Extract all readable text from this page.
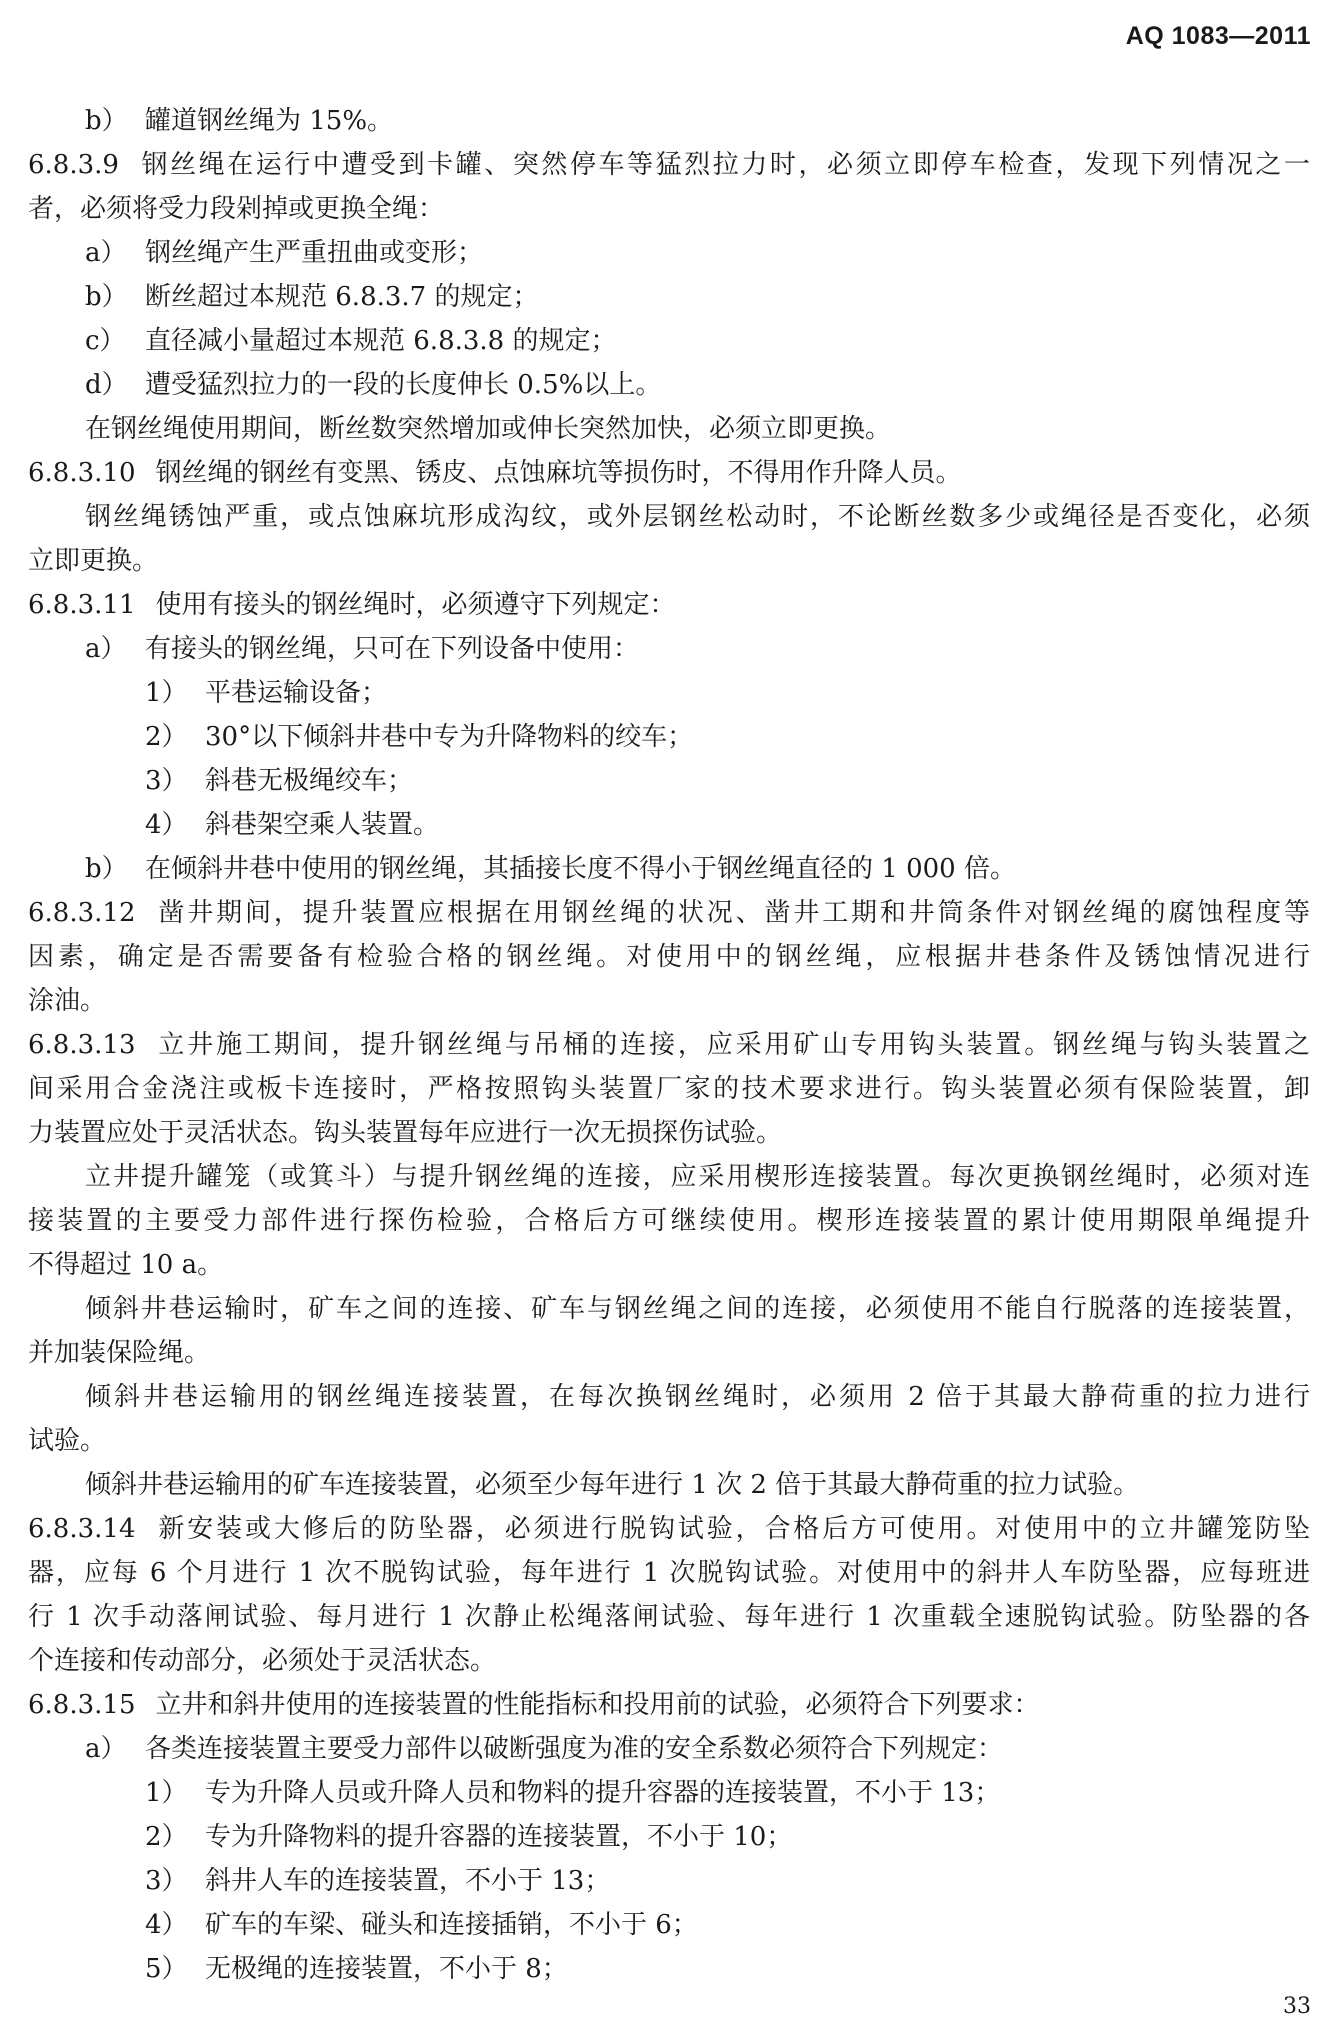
AQ 1083—2011
b） 罐道钢丝绳为 15%。
6.8.3.9 钢丝绳在运行中遭受到卡罐、突然停车等猛烈拉力时，必须立即停车检查，发现下列情况之一
者，必须将受力段剁掉或更换全绳：
a） 钢丝绳产生严重扭曲或变形；
b） 断丝超过本规范 6.8.3.7 的规定；
c） 直径减小量超过本规范 6.8.3.8 的规定；
d） 遭受猛烈拉力的一段的长度伸长 0.5%以上。
在钢丝绳使用期间，断丝数突然增加或伸长突然加快，必须立即更换。
6.8.3.10 钢丝绳的钢丝有变黑、锈皮、点蚀麻坑等损伤时，不得用作升降人员。
钢丝绳锈蚀严重，或点蚀麻坑形成沟纹，或外层钢丝松动时，不论断丝数多少或绳径是否变化，必须
立即更换。
6.8.3.11 使用有接头的钢丝绳时，必须遵守下列规定：
a） 有接头的钢丝绳，只可在下列设备中使用：
1） 平巷运输设备；
2） 30°以下倾斜井巷中专为升降物料的绞车；
3） 斜巷无极绳绞车；
4） 斜巷架空乘人装置。
b） 在倾斜井巷中使用的钢丝绳，其插接长度不得小于钢丝绳直径的 1 000 倍。
6.8.3.12 凿井期间，提升装置应根据在用钢丝绳的状况、凿井工期和井筒条件对钢丝绳的腐蚀程度等
因素，确定是否需要备有检验合格的钢丝绳。对使用中的钢丝绳，应根据井巷条件及锈蚀情况进行
涂油。
6.8.3.13 立井施工期间，提升钢丝绳与吊桶的连接，应采用矿山专用钩头装置。钢丝绳与钩头装置之
间采用合金浇注或板卡连接时，严格按照钩头装置厂家的技术要求进行。钩头装置必须有保险装置，卸
力装置应处于灵活状态。钩头装置每年应进行一次无损探伤试验。
立井提升罐笼（或箕斗）与提升钢丝绳的连接，应采用楔形连接装置。每次更换钢丝绳时，必须对连
接装置的主要受力部件进行探伤检验，合格后方可继续使用。楔形连接装置的累计使用期限单绳提升
不得超过 10 a。
倾斜井巷运输时，矿车之间的连接、矿车与钢丝绳之间的连接，必须使用不能自行脱落的连接装置，
并加装保险绳。
倾斜井巷运输用的钢丝绳连接装置，在每次换钢丝绳时，必须用 2 倍于其最大静荷重的拉力进行
试验。
倾斜井巷运输用的矿车连接装置，必须至少每年进行 1 次 2 倍于其最大静荷重的拉力试验。
6.8.3.14 新安装或大修后的防坠器，必须进行脱钩试验，合格后方可使用。对使用中的立井罐笼防坠
器，应每 6 个月进行 1 次不脱钩试验，每年进行 1 次脱钩试验。对使用中的斜井人车防坠器，应每班进
行 1 次手动落闸试验、每月进行 1 次静止松绳落闸试验、每年进行 1 次重载全速脱钩试验。防坠器的各
个连接和传动部分，必须处于灵活状态。
6.8.3.15 立井和斜井使用的连接装置的性能指标和投用前的试验，必须符合下列要求：
a） 各类连接装置主要受力部件以破断强度为准的安全系数必须符合下列规定：
1） 专为升降人员或升降人员和物料的提升容器的连接装置，不小于 13；
2） 专为升降物料的提升容器的连接装置，不小于 10；
3） 斜井人车的连接装置，不小于 13；
4） 矿车的车梁、碰头和连接插销，不小于 6；
5） 无极绳的连接装置，不小于 8；
33
